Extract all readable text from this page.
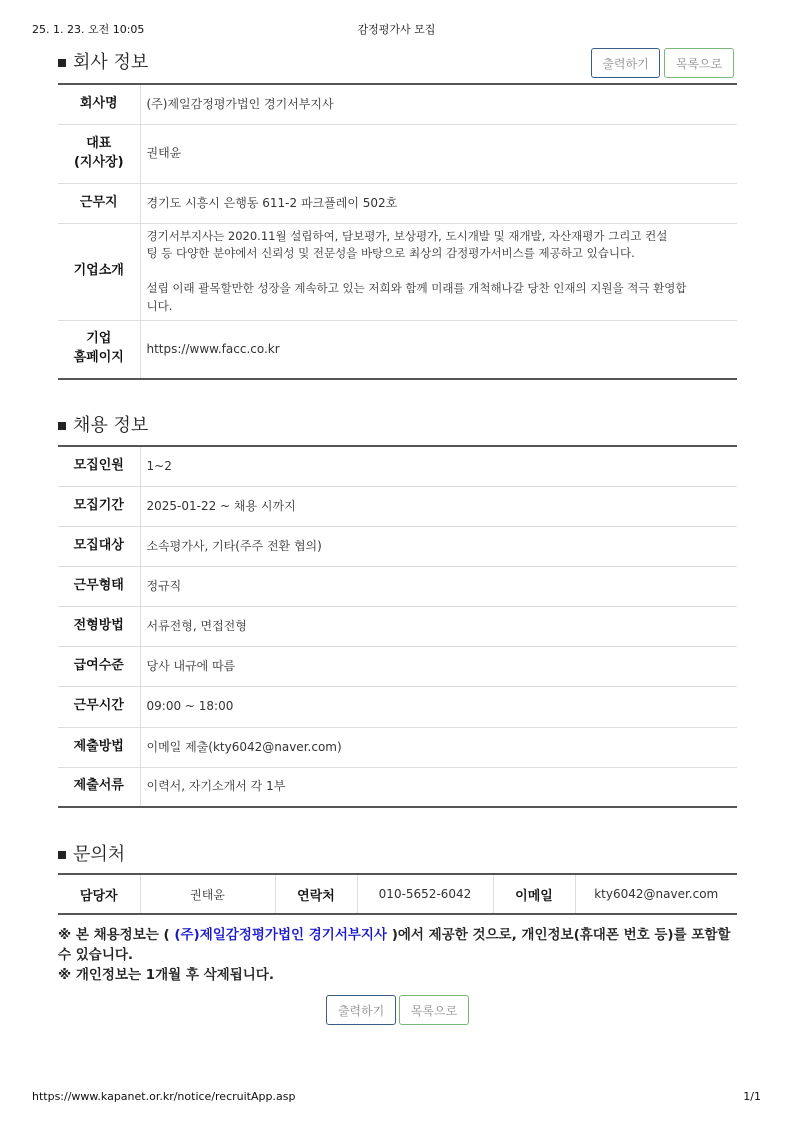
25. 1. 23. 오전 10:05	감정평가사 모집
회사 정보	출력하기	목록으로
회사명	(주)제일감정평가법인 경기서부지사
대표
(지사장)	권태윤
근무지	경기도 시흥시 은행동 611-2 파크플레이 502호
기업소개	경기서부지사는 2020.11월 설립하여, 담보평가, 보상평가, 도시개발 및 재개발, 자산재평가 그리고 컨설
팅 등 다양한 분야에서 신뢰성 및 전문성을 바탕으로 최상의 감정평가서비스를 제공하고 있습니다.

설립 이래 괄목할만한 성장을 계속하고 있는 저희와 함께 미래를 개척해나갈 당찬 인재의 지원을 적극 환영합
니다.
기업
홈페이지	https://www.facc.co.kr
채용 정보
모집인원	1~2
모집기간	2025-01-22 ~ 채용 시까지
모집대상	소속평가사, 기타(주주 전환 협의)
근무형태	정규직
전형방법	서류전형, 면접전형
급여수준	당사 내규에 따름
근무시간	09:00 ~ 18:00
제출방법	이메일 제출(kty6042@naver.com)
제출서류	이력서, 자기소개서 각 1부
문의처
담당자	권태윤	연락처	010-5652-6042	이메일	kty6042@naver.com
※ 본 채용정보는 ( (주)제일감정평가법인 경기서부지사 )에서 제공한 것으로, 개인정보(휴대폰 번호 등)를 포함할 수 있습니다.
※ 개인정보는 1개월 후 삭제됩니다.
출력하기	목록으로
https://www.kapanet.or.kr/notice/recruitApp.asp	1/1
